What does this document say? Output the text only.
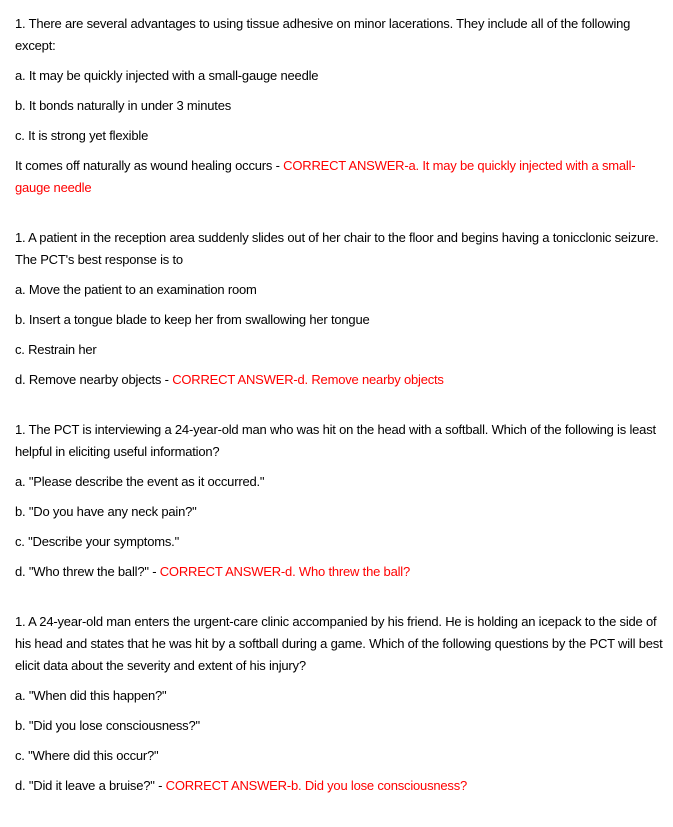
1. There are several advantages to using tissue adhesive on minor lacerations. They include all of the following except:

a. It may be quickly injected with a small-gauge needle

b. It bonds naturally in under 3 minutes

c. It is strong yet flexible

It comes off naturally as wound healing occurs - CORRECT ANSWER-a. It may be quickly injected with a small-gauge needle

1. A patient in the reception area suddenly slides out of her chair to the floor and begins having a tonicclonic seizure. The PCT's best response is to

a. Move the patient to an examination room

b. Insert a tongue blade to keep her from swallowing her tongue

c. Restrain her

d. Remove nearby objects - CORRECT ANSWER-d. Remove nearby objects

1. The PCT is interviewing a 24-year-old man who was hit on the head with a softball. Which of the following is least helpful in eliciting useful information?

a. "Please describe the event as it occurred."

b. "Do you have any neck pain?"

c. "Describe your symptoms."

d. "Who threw the ball?" - CORRECT ANSWER-d. Who threw the ball?

1. A 24-year-old man enters the urgent-care clinic accompanied by his friend. He is holding an icepack to the side of his head and states that he was hit by a softball during a game. Which of the following questions by the PCT will best elicit data about the severity and extent of his injury?

a. "When did this happen?"

b. "Did you lose consciousness?"

c. "Where did this occur?"

d. "Did it leave a bruise?" - CORRECT ANSWER-b. Did you lose consciousness?
